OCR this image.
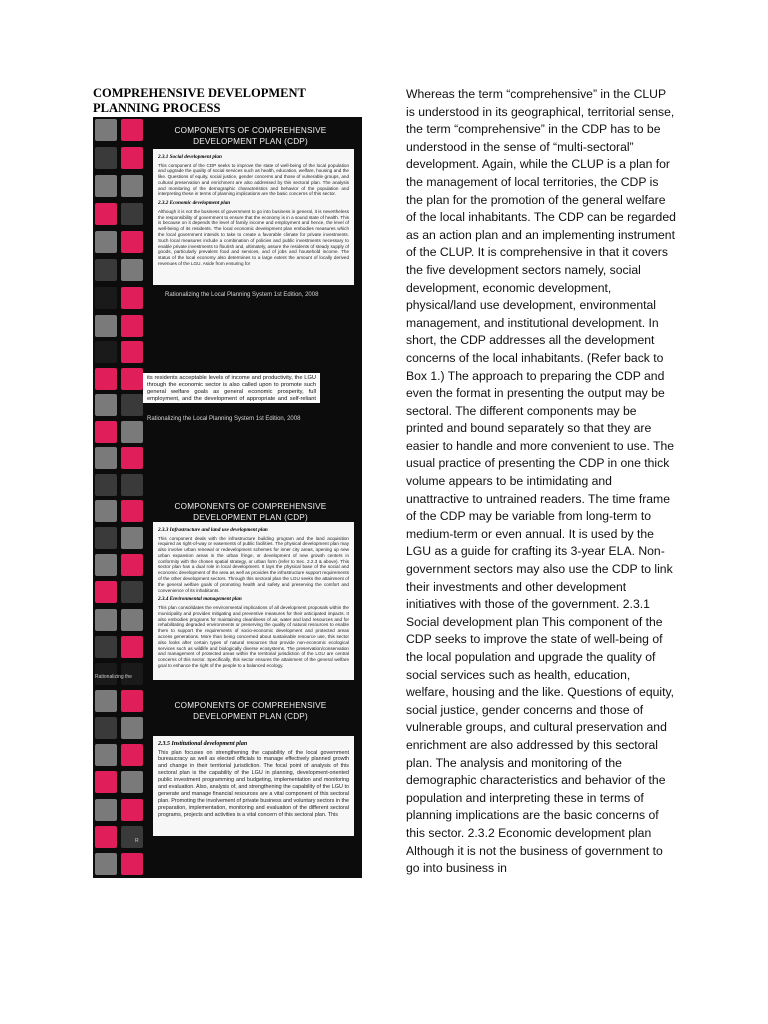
COMPREHENSIVE DEVELOPMENT PLANNING PROCESS
COMPONENTS OF COMPREHENSIVE DEVELOPMENT PLAN (CDP)
2.3.1 Social development plan
This component of the CDP seeks to improve the state of well-being of the local population and upgrade the quality of social services such as health, education, welfare, housing and the like. Questions of equity, social justice, gender concerns and those of vulnerable groups, and cultural preservation and enrichment are also addressed by this sectoral plan. The analysis and monitoring of the demographic characteristics and behavior of the population and interpreting these in terms of planning implications are the basic concerns of this sector.
2.3.2 Economic development plan
Although it is not the business of government to go into business in general, it is nevertheless the responsibility of government to ensure that the economy is in a sound state of health. This is because on it depends the level of family income and employment and hence, the level of well-being of its residents. The local economic development plan embodies measures which the local government intends to take to create a favorable climate for private investments. Such local measures include a combination of policies and public investments necessary to enable private investments to flourish and, ultimately, assure the residents of steady supply of goods, particularly prevalent food and services, and of jobs and household income. The status of the local economy also determines to a large extent the amount of locally derived revenues of the LGU. Aside from ensuring for
Rationalizing the Local Planning System 1st Edition, 2008
its residents acceptable levels of income and productivity, the LGU through the economic sector is also called upon to promote such general welfare goals as general economic prosperity, full employment, and the development of appropriate and self-reliant technologies.
Rationalizing the Local Planning System 1st Edition, 2008
COMPONENTS OF COMPREHENSIVE DEVELOPMENT PLAN (CDP)
2.3.3 Infrastructure and land use development plan
This component deals with the infrastructure building program and the land acquisition required as right-of-way or easements of public facilities. The physical development plan may also involve urban renewal or redevelopment schemes for inner city areas, opening up new urban expansion areas in the urban fringe, or development of new growth centers in conformity with the chosen spatial strategy, or urban form (refer to Sec. 2.2.3 & above). This sector plan has a dual role in local development. It lays the physical base of the social and economic development of the area as well as provides the infrastructure support requirements of the other development sectors. Through this sectoral plan the LGU seeks the attainment of the general welfare goals of promoting health and safety and preserving the comfort and convenience of its inhabitants.
2.3.4 Environmental management plan
This plan consolidates the environmental implications of all development proposals within the municipality and provides mitigating and preventive measures for their anticipated impacts. It also embodies programs for maintaining cleanliness of air, water and land resources and for rehabilitating degraded environments or preserving the quality of natural resources to enable them to support the requirements of socio-economic development and protected areas access generations. More than being concerned about sustainable resource use, this sector also looks after certain types of natural resources that provide non-economic ecological services such as wildlife and biologically diverse ecosystems. The preservation/conservation and management of protected areas within the territorial jurisdiction of the LGU are central concerns of this sector. Specifically, this sector ensures the attainment of the general welfare goal to enhance the right of the people to a balanced ecology.
Rationalizing the
COMPONENTS OF COMPREHENSIVE DEVELOPMENT PLAN (CDP)
2.3.5 Institutional development plan
This plan focuses on strengthening the capability of the local government bureaucracy as well as elected officials to manage effectively planned growth and change in their territorial jurisdiction. The focal point of analysis of this sectoral plan is the capability of the LGU in planning, development-oriented public investment programming and budgeting, implementation and monitoring and evaluation. Also, analysis of, and strengthening the capability of the LGU to generate and manage financial resources are a vital component of this sectoral plan. Promoting the involvement of private business and voluntary sectors in the preparation, implementation, monitoring and evaluation of the different sectoral programs, projects and activities is a vital concern of this sectoral plan. This
R
Whereas the term “comprehensive” in the CLUP is understood in its geographical, territorial sense, the term “comprehensive” in the CDP has to be understood in the sense of “multi-sectoral” development. Again, while the CLUP is a plan for the management of local territories, the CDP is the plan for the promotion of the general welfare of the local inhabitants. The CDP can be regarded as an action plan and an implementing instrument of the CLUP. It is comprehensive in that it covers the five development sectors namely, social development, economic development, physical/land use development, environmental management, and institutional development. In short, the CDP addresses all the development concerns of the local inhabitants. (Refer back to Box 1.) The approach to preparing the CDP and even the format in presenting the output may be sectoral. The different components may be printed and bound separately so that they are easier to handle and more convenient to use. The usual practice of presenting the CDP in one thick volume appears to be intimidating and unattractive to untrained readers. The time frame of the CDP may be variable from long-term to medium-term or even annual. It is used by the LGU as a guide for crafting its 3-year ELA. Non-government sectors may also use the CDP to link their investments and other development initiatives with those of the government. 2.3.1 Social development plan This component of the CDP seeks to improve the state of well-being of the local population and upgrade the quality of social services such as health, education, welfare, housing and the like. Questions of equity, social justice, gender concerns and those of vulnerable groups, and cultural preservation and enrichment are also addressed by this sectoral plan. The analysis and monitoring of the demographic characteristics and behavior of the population and interpreting these in terms of planning implications are the basic concerns of this sector. 2.3.2 Economic development plan Although it is not the business of government to go into business in
